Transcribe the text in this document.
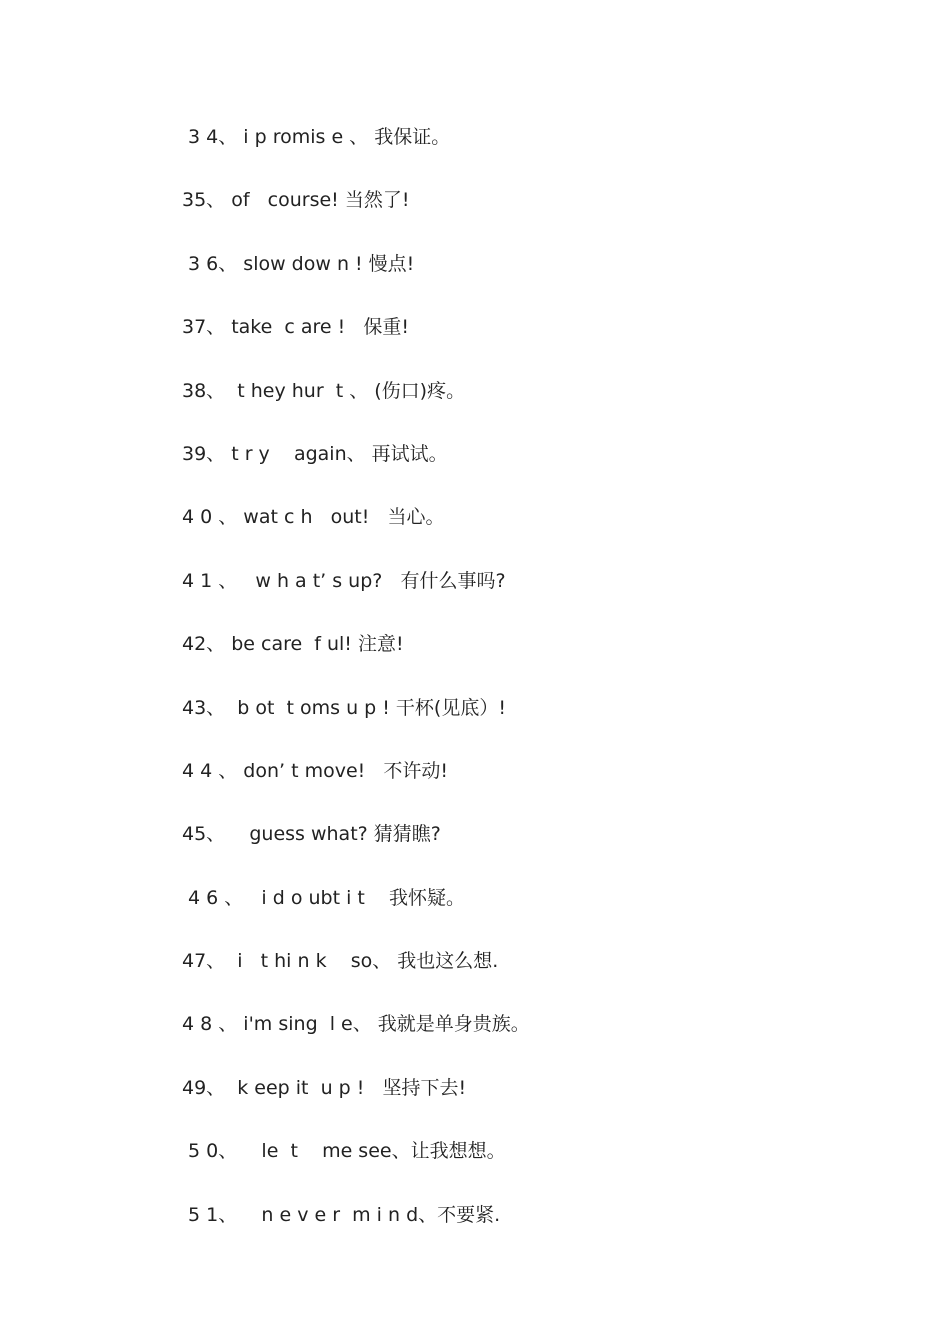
3 4、 i p romis e 、 我保证。
35、 of   course! 当然了!
3 6、 slow dow n ! 慢点!
37、 take  c are !   保重!
38、  t hey hur  t 、 (伤口)疼。
39、 t r y    again、 再试试。
4 0 、 wat c h   out!   当心。
4 1 、   w h a t’ s up?   有什么事吗?
42、 be care  f ul! 注意!
43、  b ot  t oms u p ! 干杯(见底）!
4 4 、 don’ t move!   不许动!
45、    guess what? 猜猜瞧?
4 6 、   i d o ubt i t    我怀疑。
47、  i   t hi n k    so、 我也这么想.
4 8 、 i'm sing  l e、 我就是单身贵族。
49、  k eep it  u p !   坚持下去!
5 0、    le  t    me see、让我想想。
5 1、    n e v e r  m i n d、不要紧.
